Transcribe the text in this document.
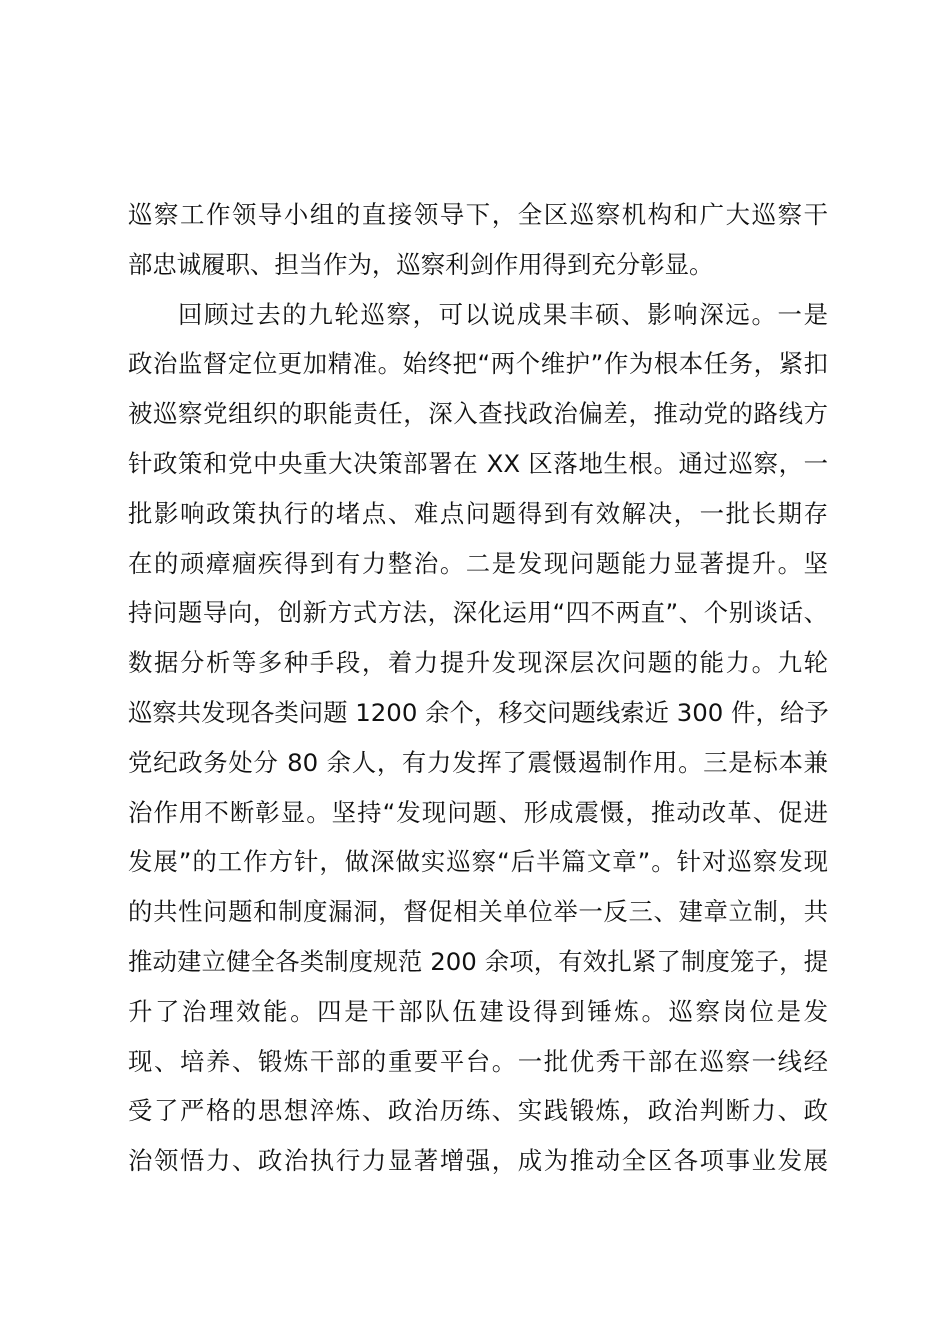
巡察工作领导小组的直接领导下，全区巡察机构和广大巡察干
部忠诚履职、担当作为，巡察利剑作用得到充分彰显。
回顾过去的九轮巡察，可以说成果丰硕、影响深远。一是
政治监督定位更加精准。始终把“两个维护”作为根本任务，紧扣
被巡察党组织的职能责任，深入查找政治偏差，推动党的路线方
针政策和党中央重大决策部署在 XX 区落地生根。通过巡察，一
批影响政策执行的堵点、难点问题得到有效解决，一批长期存
在的顽瘴痼疾得到有力整治。二是发现问题能力显著提升。坚
持问题导向，创新方式方法，深化运用“四不两直”、个别谈话、
数据分析等多种手段，着力提升发现深层次问题的能力。九轮
巡察共发现各类问题 1200 余个，移交问题线索近 300 件，给予
党纪政务处分 80 余人，有力发挥了震慑遏制作用。三是标本兼
治作用不断彰显。坚持“发现问题、形成震慑，推动改革、促进
发展”的工作方针，做深做实巡察“后半篇文章”。针对巡察发现
的共性问题和制度漏洞，督促相关单位举一反三、建章立制，共
推动建立健全各类制度规范 200 余项，有效扎紧了制度笼子，提
升了治理效能。四是干部队伍建设得到锤炼。巡察岗位是发
现、培养、锻炼干部的重要平台。一批优秀干部在巡察一线经
受了严格的思想淬炼、政治历练、实践锻炼，政治判断力、政
治领悟力、政治执行力显著增强，成为推动全区各项事业发展
